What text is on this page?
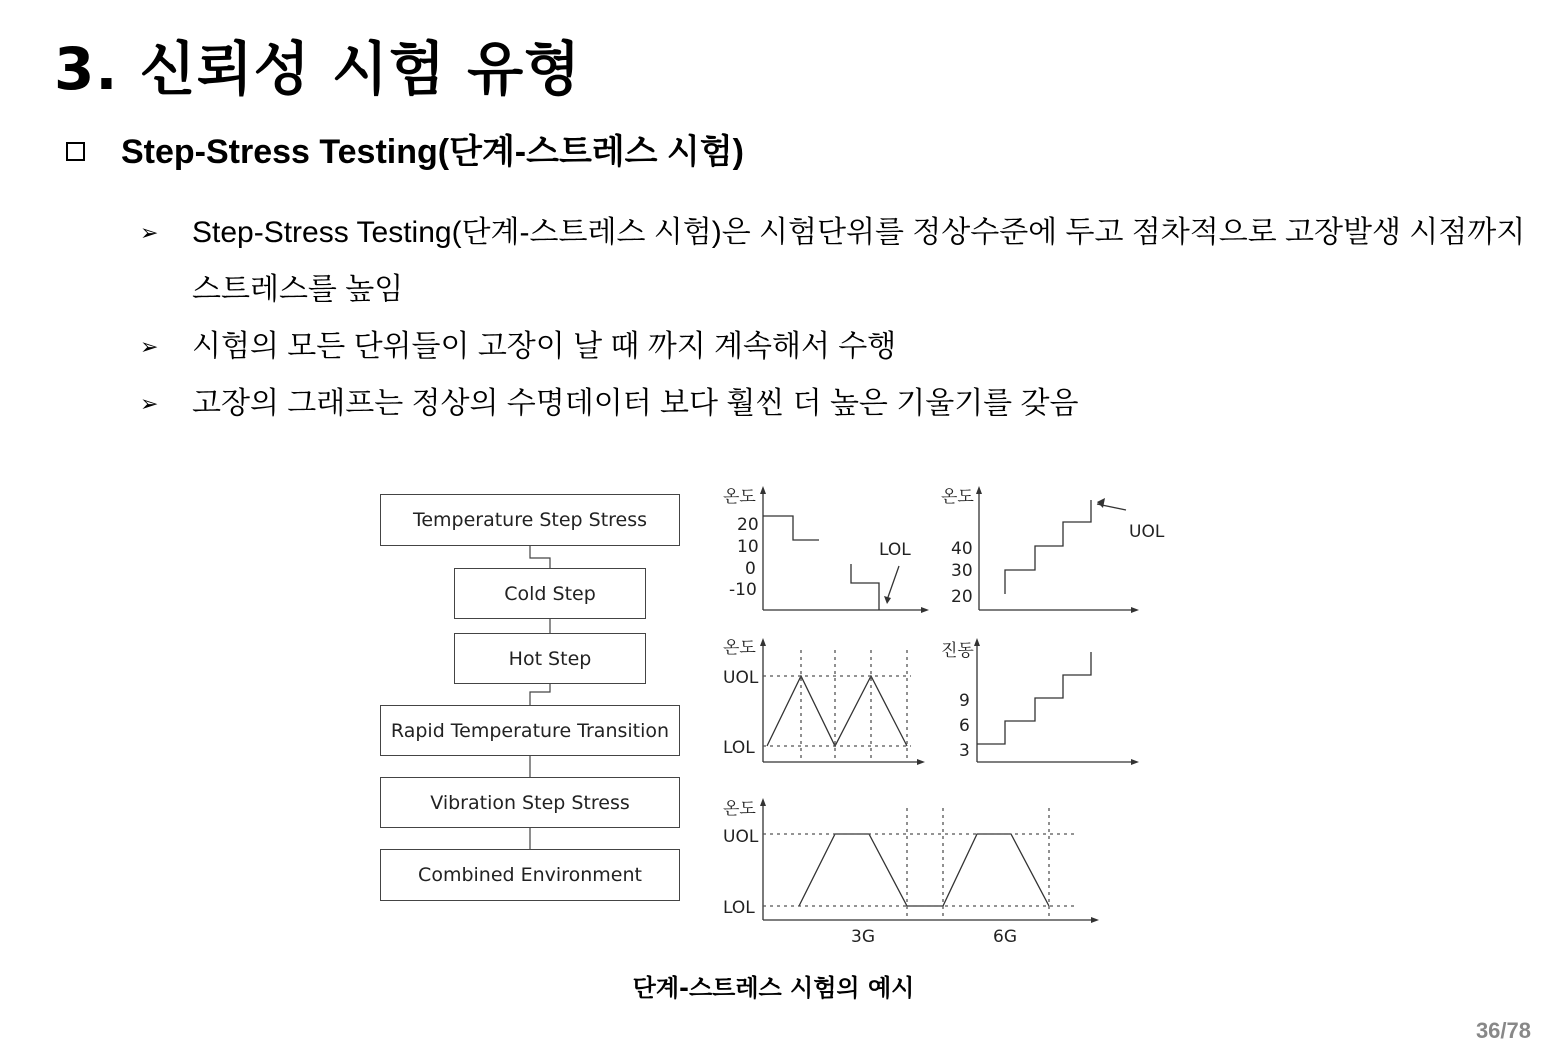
3. 신뢰성 시험 유형
Step-Stress Testing(단계-스트레스 시험)
➢ Step-Stress Testing(단계-스트레스 시험)은 시험단위를 정상수준에 두고 점차적으로 고장발생 시점까지 스트레스를 높임
➢ 시험의 모든 단위들이 고장이 날 때 까지 계속해서 수행
➢ 고장의 그래프는 정상의 수명데이터 보다 훨씬 더 높은 기울기를 갖음
Temperature Step Stress
Cold Step
Hot Step
Rapid Temperature Transition
Vibration Step Stress
Combined Environment
온도
20
10
0
-10
LOL
온도
40
30
20
UOL
온도
UOL
LOL
진동
9
6
3
온도
UOL
LOL
3G	6G
단계-스트레스 시험의 예시
36/78
